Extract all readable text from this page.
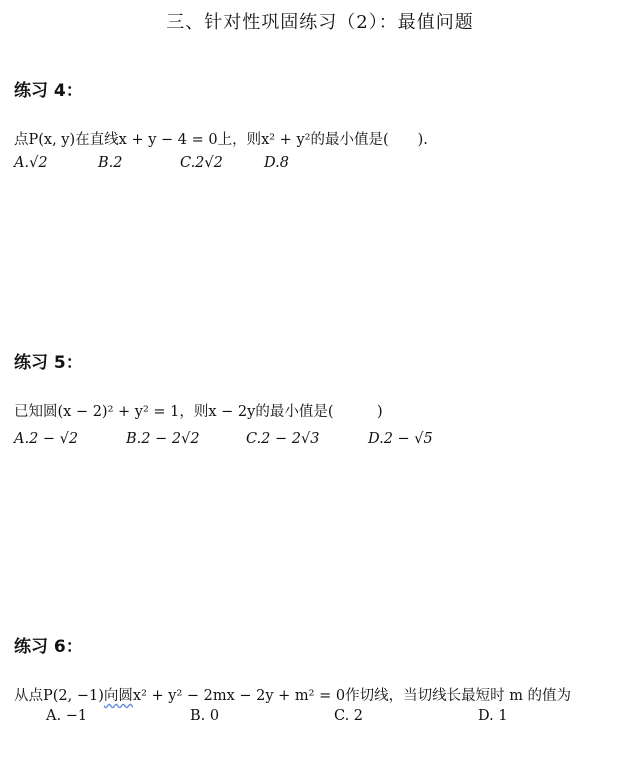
三、针对性巩固练习（2）：最值问题
练习 4：
点P(x, y)在直线x + y − 4 = 0上，则x² + y²的最小值是(　　).
A.√2	B.2	C.2√2	D.8
练习 5：
已知圆(x − 2)² + y² = 1，则x − 2y的最小值是(　　　)
A.2 − √2	B.2 − 2√2	C.2 − 2√3	D.2 − √5
练习 6：
从点P(2, −1)向圆x² + y² − 2mx − 2y + m² = 0作切线，当切线长最短时 m 的值为
A. −1	B. 0	C. 2	D. 1
